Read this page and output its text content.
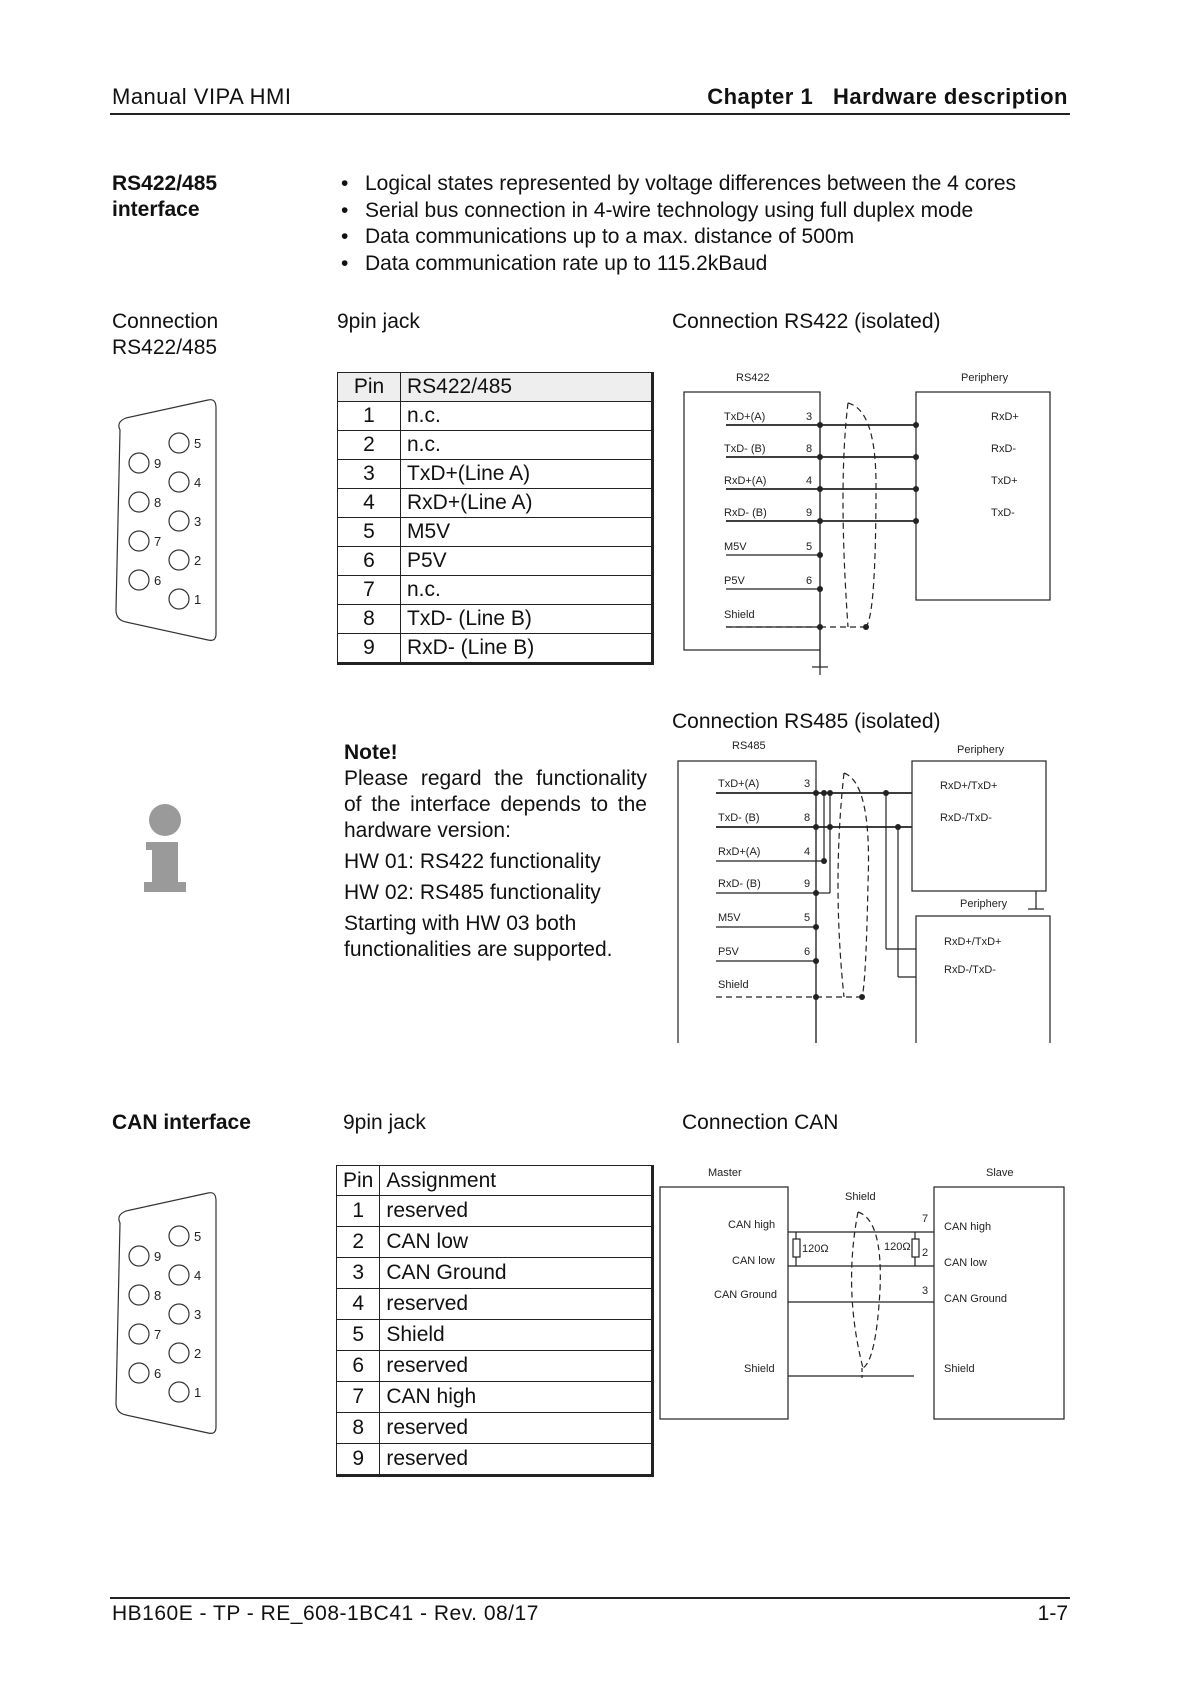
Manual VIPA HMI	Chapter 1   Hardware description
RS422/485
interface
• Logical states represented by voltage differences between the 4 cores
• Serial bus connection in 4-wire technology using full duplex mode
• Data communications up to a max. distance of 500m
• Data communication rate up to 115.2kBaud
Connection
RS422/485
9pin jack	Connection RS422 (isolated)
9
8
7
6
5
4
3
2
1
Pin	RS422/485
1	n.c.
2	n.c.
3	TxD+(Line A)
4	RxD+(Line A)
5	M5V
6	P5V
7	n.c.
8	TxD- (Line B)
9	RxD- (Line B)
RS422	Periphery
TxD+(A)
TxD- (B)
RxD+(A)
RxD- (B)
M5V
P5V
Shield
3
8
4
9
5
6
RxD+
RxD-
TxD+
TxD-
Connection RS485 (isolated)

Note!

Please regard the functionality of the interface depends to the hardware version:

HW 01: RS422 functionality

HW 02: RS485 functionality

Starting with HW 03 both functionalities are supported.

RS485	Periphery
Periphery
TxD+(A)
TxD- (B)
RxD+(A)
RxD- (B)
M5V
P5V
Shield
3
8
4
9
5
6
RxD+/TxD+
RxD-/TxD-
RxD+/TxD+
RxD-/TxD-
CAN interface	9pin jack	Connection CAN
9
8
7
6
5
4
3
2
1
Pin	Assignment
1	reserved
2	CAN low
3	CAN Ground
4	reserved
5	Shield
6	reserved
7	CAN high
8	reserved
9	reserved
Master	Slave
Shield
CAN high
CAN low
CAN Ground
Shield
CAN high
CAN low
CAN Ground
Shield
120Ω	120Ω
7
2
3
HB160E - TP - RE_608-1BC41 - Rev. 08/17	1-7
